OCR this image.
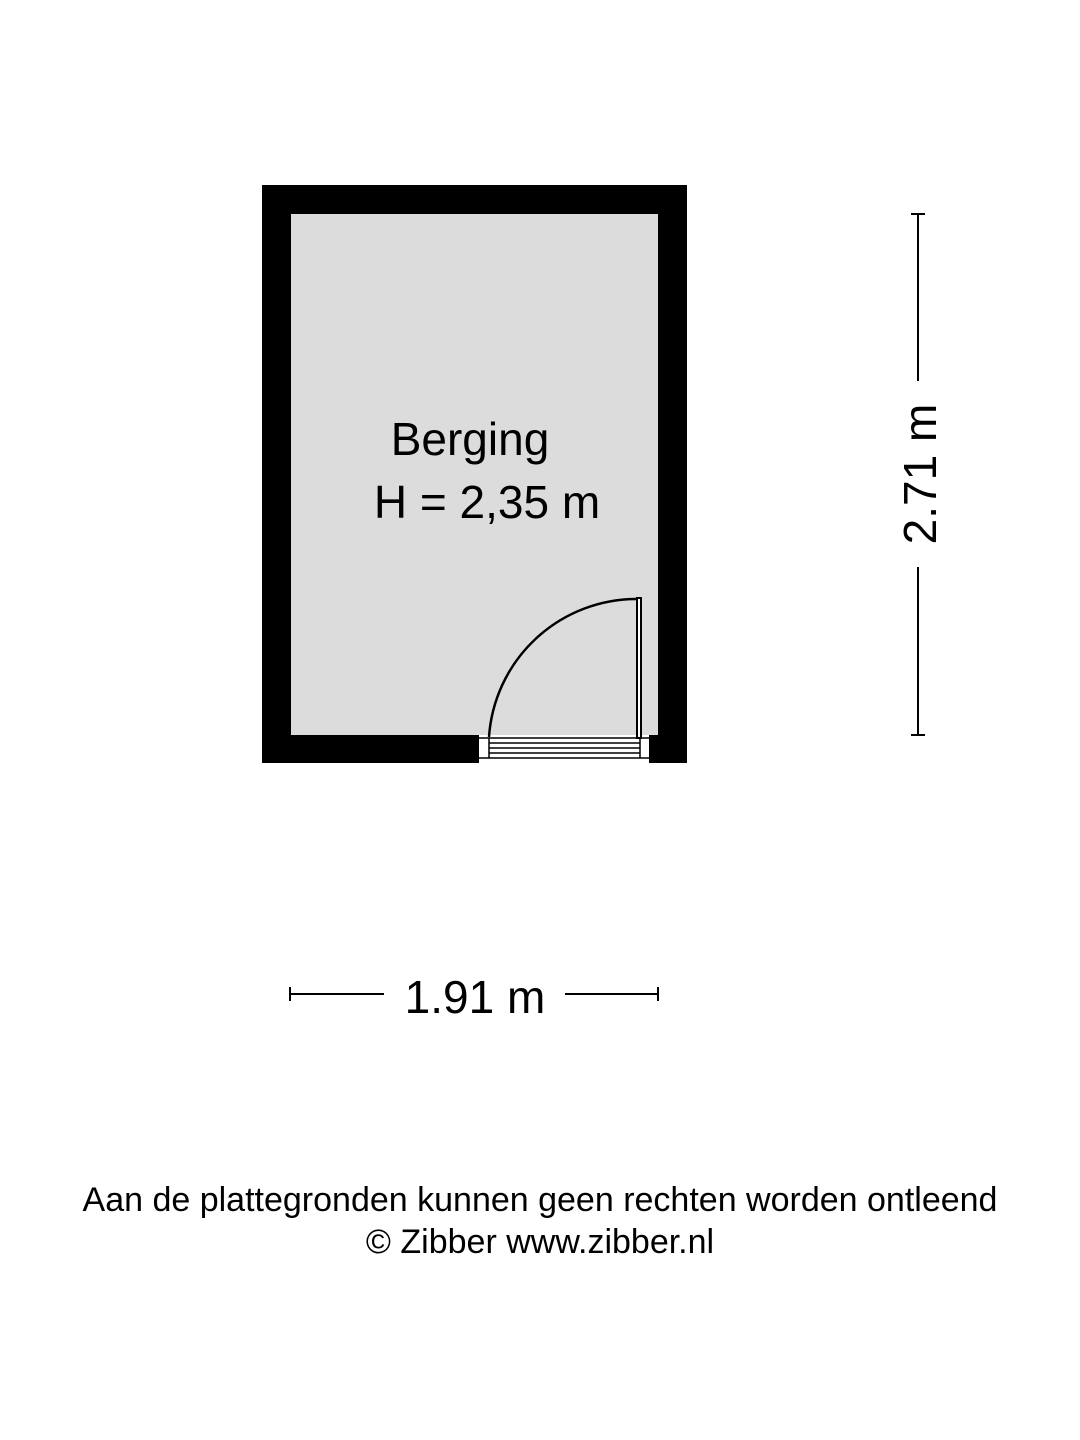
Berging
H = 2,35 m
1.91 m
2.71 m
Aan de plattegronden kunnen geen rechten worden ontleend
© Zibber www.zibber.nl
